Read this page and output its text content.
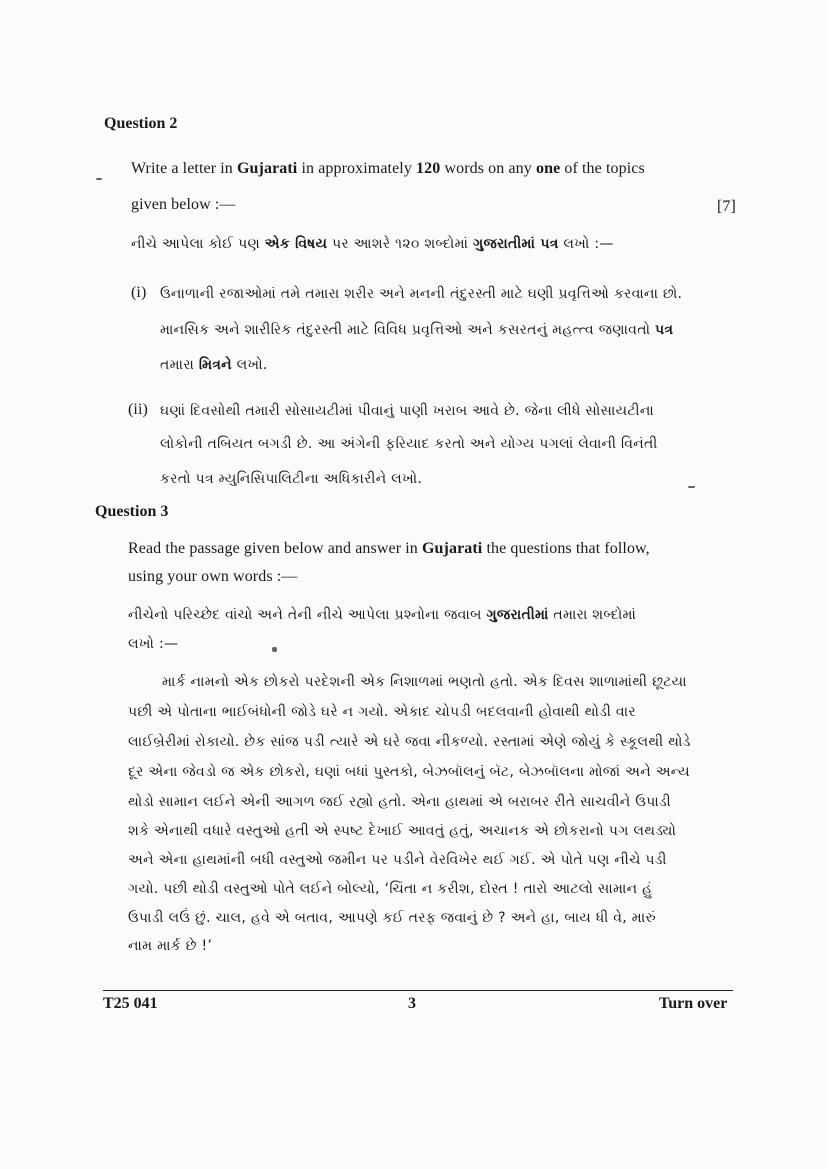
Question 2
Write a letter in Gujarati in approximately 120 words on any one of the topics
given below :—	[7]
નીચે આપેલા કોઈ પણ એક વિષય પર આશરે ૧૨૦ શબ્દોમાં ગુજરાતીમાં પત્ર લખો :—
(i) ઉનાળાની રજાઓમાં તમે તમારા શરીર અને મનની તંદુરસ્તી માટે ઘણી પ્રવૃત્તિઓ કરવાના છો.
માનસિક અને શારીરિક તંદુરસ્તી માટે વિવિધ પ્રવૃત્તિઓ અને કસરતનું મહત્ત્વ જણાવતો પત્ર
તમારા મિત્રને લખો.
(ii) ઘણાં દિવસોથી તમારી સોસાયટીમાં પીવાનું પાણી ખરાબ આવે છે. જેના લીધે સોસાયટીના
લોકોની તબિયત બગડી છે. આ અંગેની ફરિયાદ કરતો અને યોગ્ય પગલાં લેવાની વિનંતી
કરતો પત્ર મ્યુનિસિપાલિટીના અધિકારીને લખો.
Question 3
Read the passage given below and answer in Gujarati the questions that follow,
using your own words :—
નીચેનો પરિચ્છેદ વાંચો અને તેની નીચે આપેલા પ્રશ્નોના જવાબ ગુજરાતીમાં તમારા શબ્દોમાં
લખો :—
માર્ક નામનો એક છોકરો પરદેશની એક નિશાળમાં ભણતો હતો. એક દિવસ શાળામાંથી છૂટયા
પછી એ પોતાના ભાઈબંધોની જોડે ઘરે ન ગયો. એકાદ ચોપડી બદલવાની હોવાથી થોડી વાર
લાઈબ્રેરીમાં રોકાયો. છેક સાંજ પડી ત્યારે એ ઘરે જવા નીકળ્યો. રસ્તામાં એણે જોયું કે સ્કૂલથી થોડે
દૂર એના જેવડો જ એક છોકરો, ઘણાં બધાં પુસ્તકો, બેઝબૉલનું બૅટ, બેઝબૉલના મોજાં અને અન્ય
થોડો સામાન લઈને એની આગળ જઈ રહ્યો હતો. એના હાથમાં એ બરાબર રીતે સાચવીને ઉપાડી
શકે એનાથી વધારે વસ્તુઓ હતી એ સ્પષ્ટ દેખાઈ આવતું હતું, અચાનક એ છોકરાનો પગ લથડ્યો
અને એના હાથમાંની બધી વસ્તુઓ જમીન પર પડીને વેરવિખેર થઈ ગઈ. એ પોતે પણ નીચે પડી
ગયો. પછી થોડી વસ્તુઓ પોતે લઈને બોલ્યો, ‘ચિંતા ન કરીશ, દોસ્ત ! તારો આટલો સામાન હું
ઉપાડી લઉં છું. ચાલ, હવે એ બતાવ, આપણે કઈ તરફ જવાનું છે ? અને હા, બાય ધી વે, મારું
નામ માર્ક છે !’
T25 041	3	Turn over
